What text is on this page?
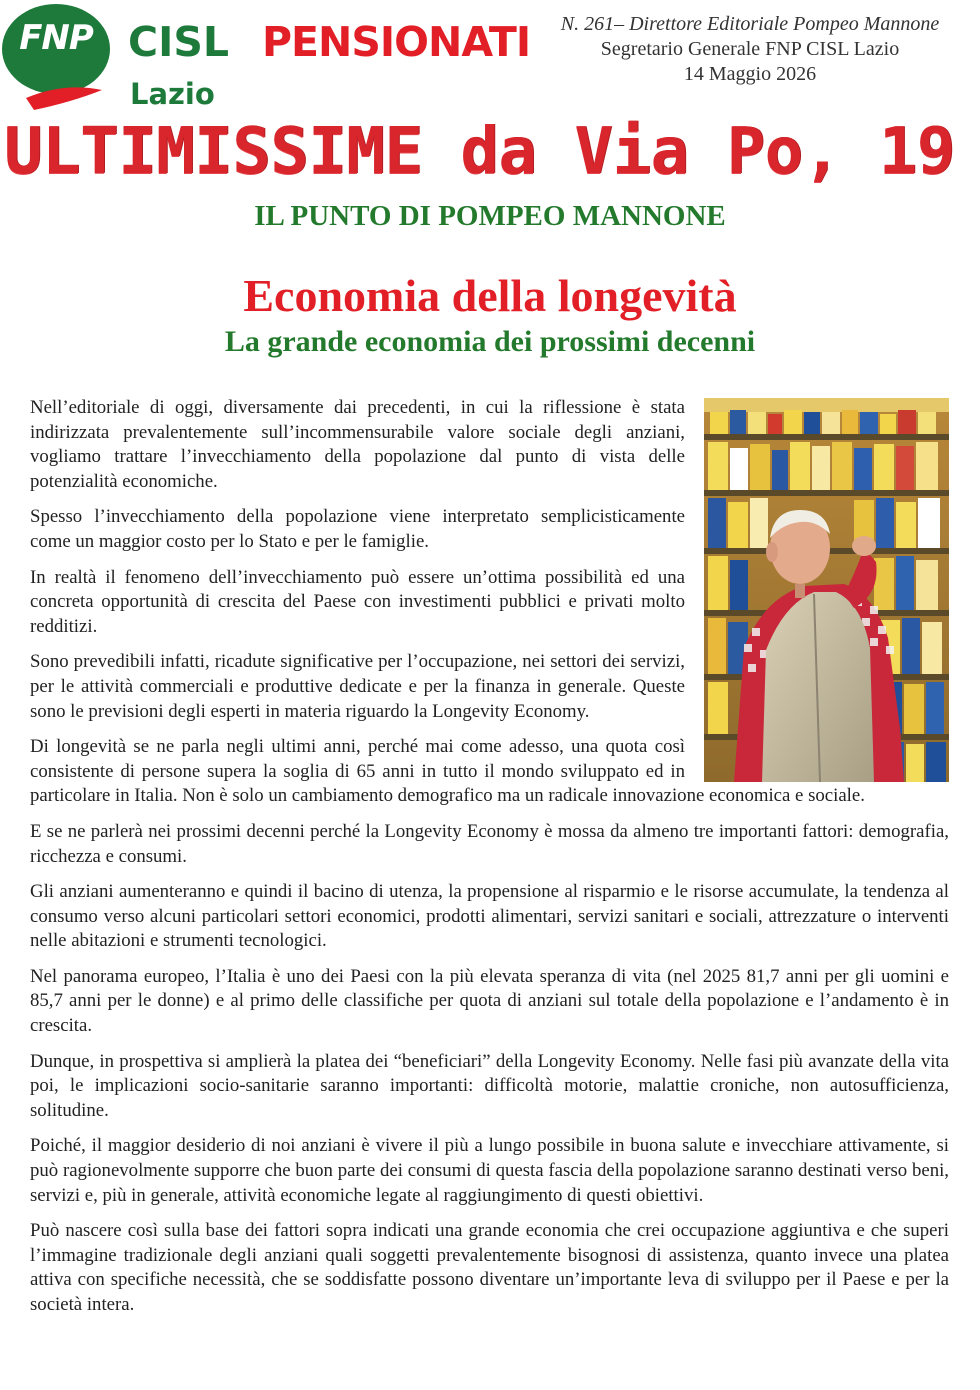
FNP CISL PENSIONATI
Lazio
N. 261– Direttore Editoriale Pompeo Mannone
Segretario Generale FNP CISL Lazio
14 Maggio 2026
ULTIMISSIME da Via Po, 19
IL PUNTO DI POMPEO MANNONE
Economia della longevità
La grande economia dei prossimi decenni

Nell’editoriale di oggi, diversamente dai precedenti, in cui la riflessione è stata indirizzata prevalentemente sull’incommensurabile valore sociale degli anziani, vogliamo trattare l’invecchiamento della popolazione dal punto di vista delle potenzialità economiche.

Spesso l’invecchiamento della popolazione viene interpretato semplicisticamente come un maggior costo per lo Stato e per le famiglie.

In realtà il fenomeno dell’invecchiamento può essere un’ottima possibilità ed una concreta opportunità di crescita del Paese con investimenti pubblici e privati molto redditizi.

Sono prevedibili infatti, ricadute significative per l’occupazione, nei settori dei servizi, per le attività commerciali e produttive dedicate e per la finanza in generale. Queste sono le previsioni degli esperti in materia riguardo la Longevity Economy.

Di longevità se ne parla negli ultimi anni, perché mai come adesso, una quota così consistente di persone supera la soglia di 65 anni in tutto il mondo sviluppato ed in particolare in Italia. Non è solo un cambiamento demografico ma un radicale innovazione economica e sociale.

E se ne parlerà nei prossimi decenni perché la Longevity Economy è mossa da almeno tre importanti fattori: demografia, ricchezza e consumi.

Gli anziani aumenteranno e quindi il bacino di utenza, la propensione al risparmio e le risorse accumulate, la tendenza al consumo verso alcuni particolari settori economici, prodotti alimentari, servizi sanitari e sociali, attrezzature o interventi nelle abitazioni e strumenti tecnologici.

Nel panorama europeo, l’Italia è uno dei Paesi con la più elevata speranza di vita (nel 2025 81,7 anni per gli uomini e 85,7 anni per le donne) e al primo delle classifiche per quota di anziani sul totale della popolazione e l’andamento è in crescita.

Dunque, in prospettiva si amplierà la platea dei “beneficiari” della Longevity Economy. Nelle fasi più avanzate della vita poi, le implicazioni socio-sanitarie saranno importanti: difficoltà motorie, malattie croniche, non autosufficienza, solitudine.

Poiché, il maggior desiderio di noi anziani è vivere il più a lungo possibile in buona salute e invecchiare attivamente, si può ragionevolmente supporre che buon parte dei consumi di questa fascia della popolazione saranno destinati verso beni, servizi e, più in generale, attività economiche legate al raggiungimento di questi obiettivi.

Può nascere così sulla base dei fattori sopra indicati una grande economia che crei occupazione aggiuntiva e che superi l’immagine tradizionale degli anziani quali soggetti prevalentemente bisognosi di assistenza, quanto invece una platea attiva con specifiche necessità, che se soddisfatte possono diventare un’importante leva di sviluppo per il Paese e per la società intera.
